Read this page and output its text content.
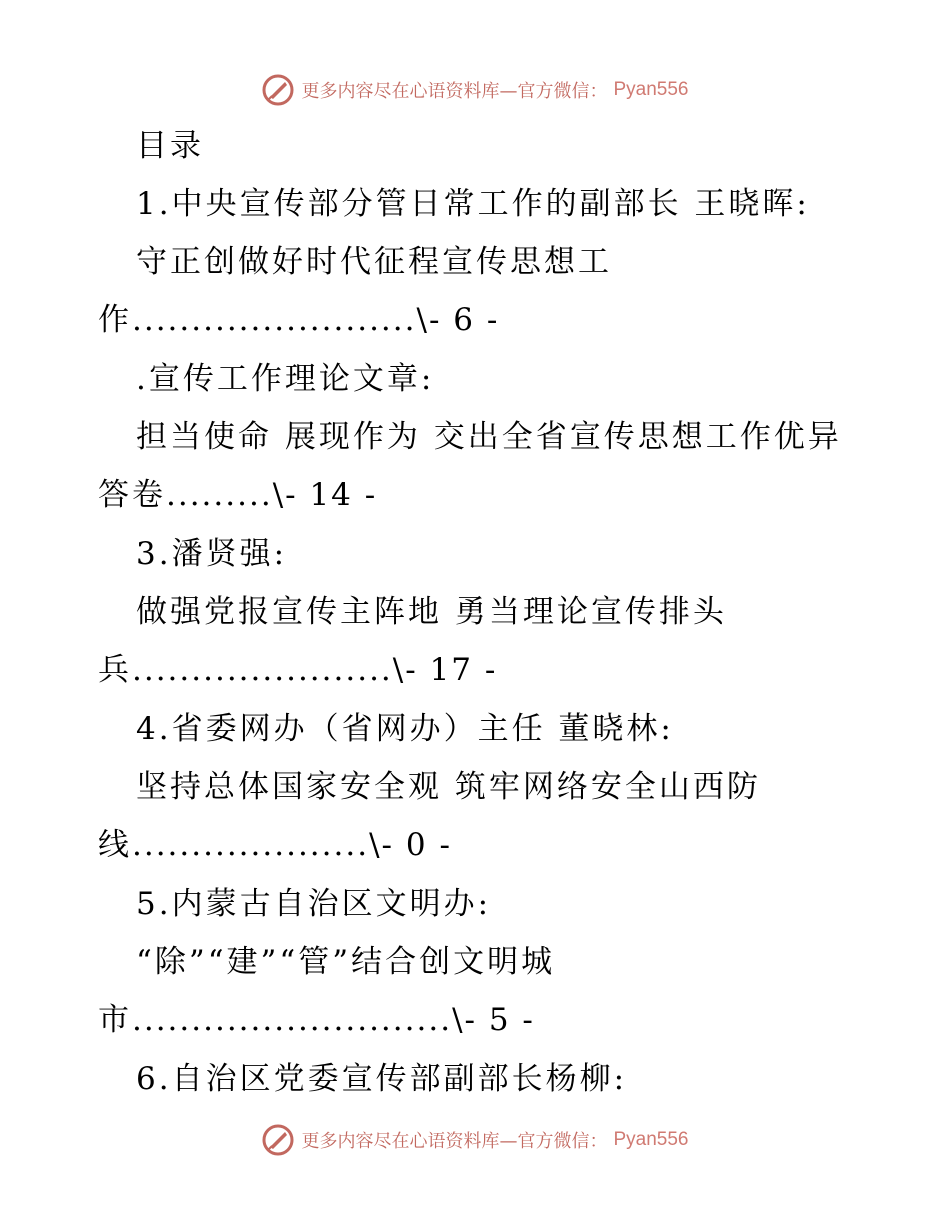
更多内容尽在心语资料库—官方微信： Pyan556
目录
1.中央宣传部分管日常工作的副部长 王晓晖:
守正创做好时代征程宣传思想工
作........................\- 6 -
.宣传工作理论文章:
担当使命 展现作为 交出全省宣传思想工作优异
答卷.........\- 14 -
3.潘贤强:
做强党报宣传主阵地 勇当理论宣传排头
兵......................\- 17 -
4.省委网办（省网办）主任 董晓林:
坚持总体国家安全观 筑牢网络安全山西防
线....................\- 0 -
5.内蒙古自治区文明办:
“除”“建”“管”结合创文明城
市...........................\- 5 -
6.自治区党委宣传部副部长杨柳:
更多内容尽在心语资料库—官方微信： Pyan556
